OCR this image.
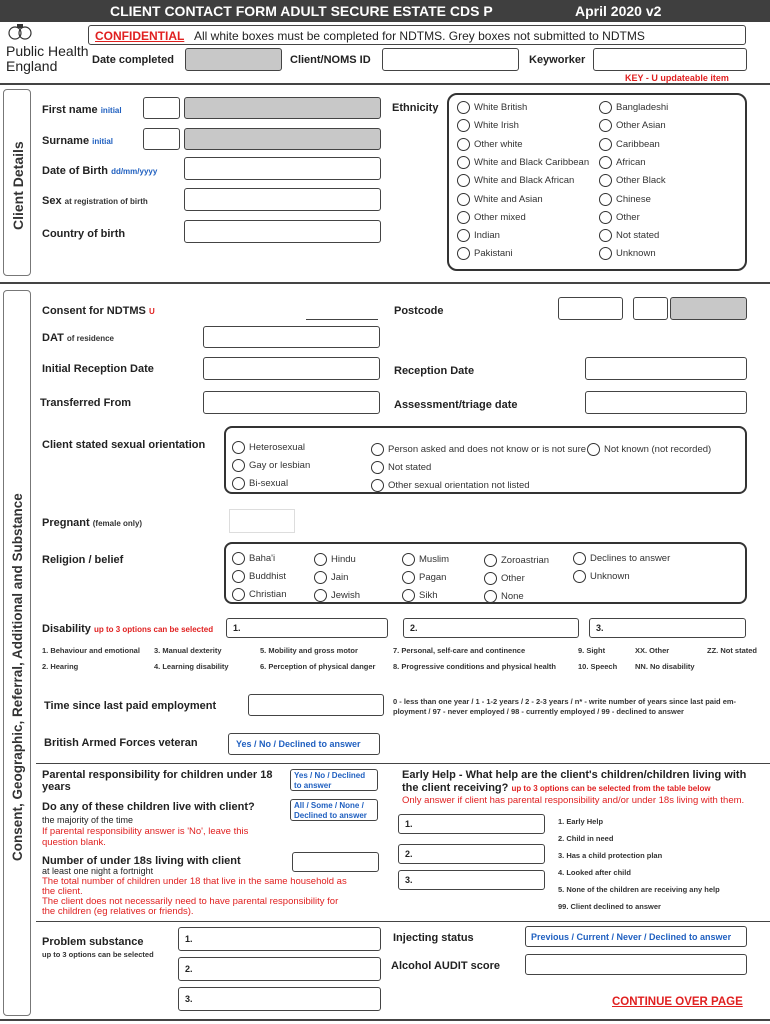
CLIENT CONTACT FORM ADULT SECURE ESTATE CDS P	April 2020 v2
Public Health
England
CONFIDENTIAL All white boxes must be completed for NDTMS. Grey boxes not submitted to NDTMS
Date completed	Client/NOMS ID	Keyworker
KEY - U updateable item
Client Details
First name initial
Surname initial
Date of Birth dd/mm/yyyy
Sex at registration of birth
Country of birth
Ethnicity	White British
White Irish
Other white
White and Black Caribbean
White and Black African
White and Asian
Other mixed
Indian
Pakistani
Bangladeshi
Other Asian
Caribbean
African
Other Black
Chinese
Other
Not stated
Unknown
Consent, Geographic, Referral, Additional and Substance
Consent for NDTMS U	Postcode
DAT of residence
Initial Reception Date	Reception Date
Transferred From	Assessment/triage date
Client stated sexual orientation	Heterosexual
Gay or lesbian
Bi-sexual
Person asked and does not know or is not sure
Not stated
Other sexual orientation not listed
Not known (not recorded)
Pregnant (female only)
Religion / belief	Baha'i
Buddhist
Christian
Hindu
Jain
Jewish
Muslim
Pagan
Sikh
Zoroastrian
Other
None
Declines to answer
Unknown
Disability up to 3 options can be selected 1.	2.	3.
1. Behaviour and emotional 3. Manual dexterity	5. Mobility and gross motor	7. Personal, self-care and continence	9. Sight	XX. Other	ZZ. Not stated
2. Hearing	4. Learning disability	6. Perception of physical danger 8. Progressive conditions and physical health	10. Speech NN. No disability
Time since last paid employment	0 - less than one year / 1 - 1-2 years / 2 - 2-3 years / n* - write number of years since last paid em-
ployment / 97 - never employed / 98 - currently employed / 99 - declined to answer
British Armed Forces veteran	Yes / No / Declined to answer
Parental responsibility for children under 18
years
Yes / No / Declined
to answer
Do any of these children live with client?	All / Some / None /
Declined to answer
the majority of the time
If parental responsibility answer is 'No', leave this
question blank.
Number of under 18s living with client
at least one night a fortnight
The total number of children under 18 that live in the same household as
the client.
The client does not necessarily need to have parental responsibility for
the children (eg relatives or friends).
Early Help - What help are the client's children/children living with
the client receiving? up to 3 options can be selected from the table below
Only answer if client has parental responsibility and/or under 18s living with them.
1.
2.
3.
1. Early Help
2. Child in need
3. Has a child protection plan
4. Looked after child
5. None of the children are receiving any help
99. Client declined to answer
Problem substance
up to 3 options can be selected
1.
2.
3.
Injecting status	Previous / Current / Never / Declined to answer
Alcohol AUDIT score
CONTINUE OVER PAGE
